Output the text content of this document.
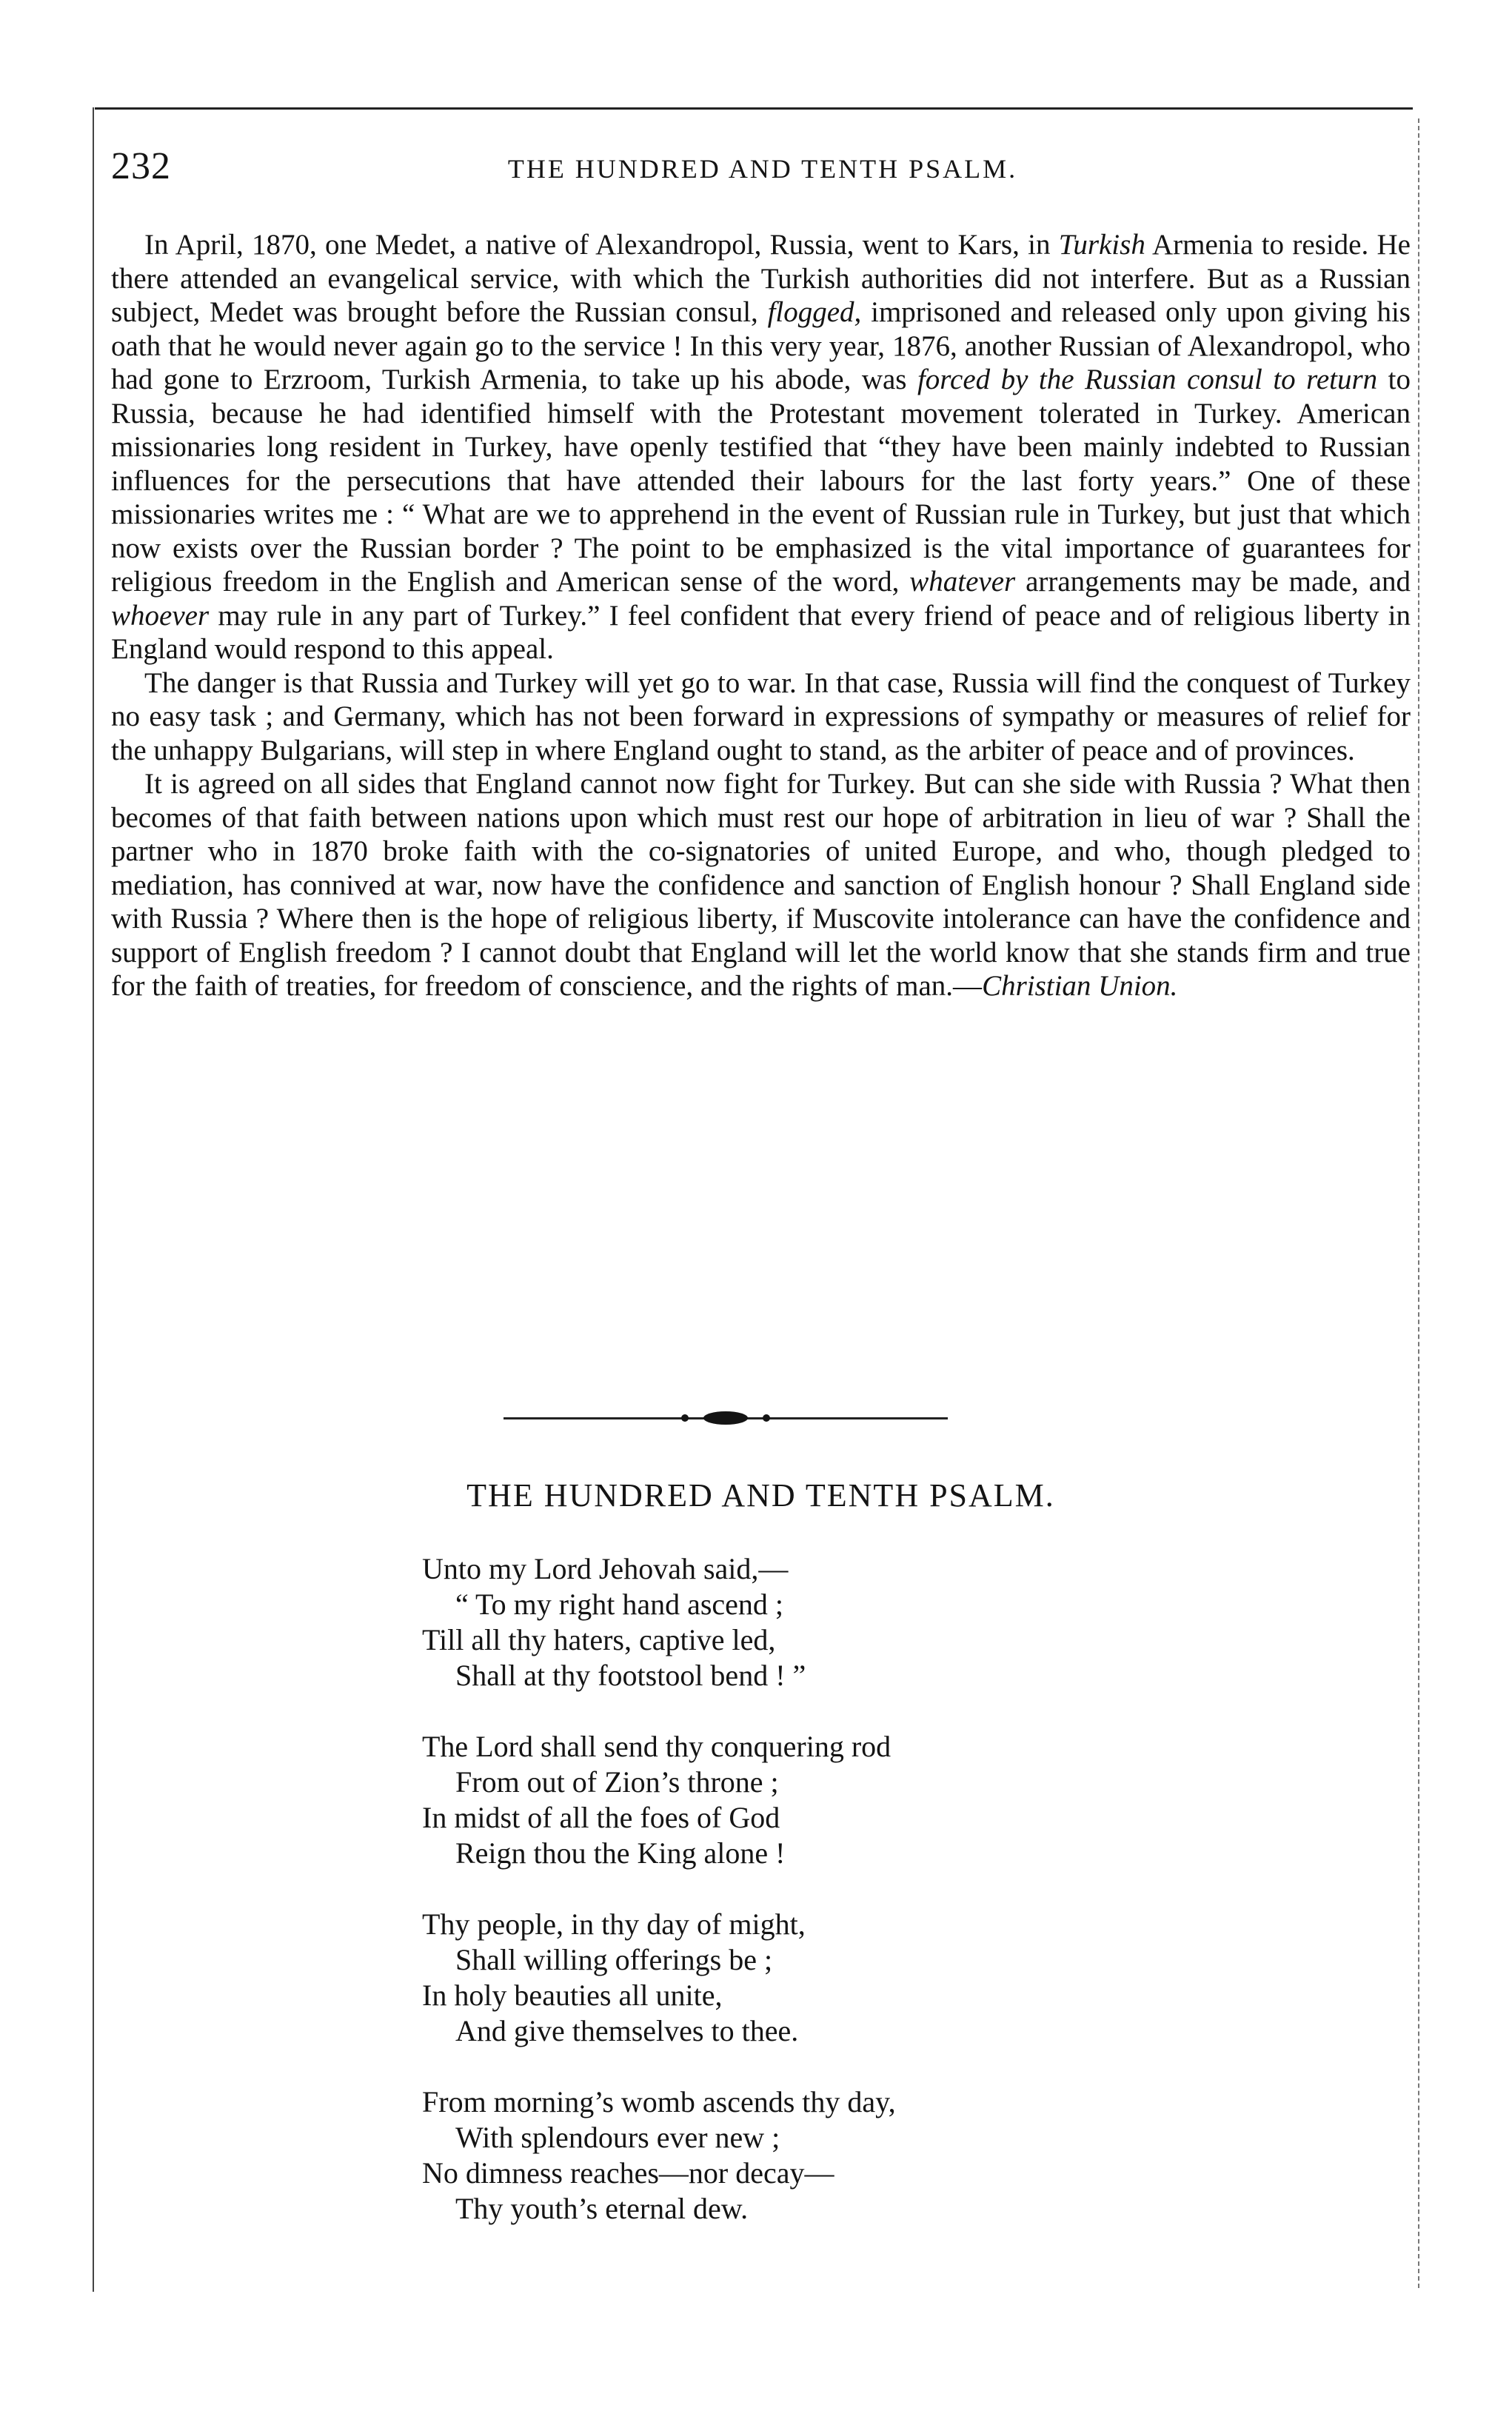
232	THE HUNDRED AND TENTH PSALM.

In April, 1870, one Medet, a native of Alexandropol, Russia, went to Kars, in Turkish Armenia to reside. He there attended an evangelical service, with which the Turkish authorities did not interfere. But as a Russian subject, Medet was brought before the Russian consul, flogged, imprisoned and released only upon giving his oath that he would never again go to the service ! In this very year, 1876, another Russian of Alexandropol, who had gone to Erzroom, Turkish Armenia, to take up his abode, was forced by the Russian consul to return to Russia, because he had identified himself with the Protestant movement tolerated in Turkey. American missionaries long resident in Turkey, have openly testified that “they have been mainly indebted to Russian influences for the persecutions that have attended their labours for the last forty years.” One of these missionaries writes me : “ What are we to apprehend in the event of Russian rule in Turkey, but just that which now exists over the Russian border ? The point to be emphasized is the vital importance of guarantees for religious freedom in the English and American sense of the word, whatever arrangements may be made, and whoever may rule in any part of Turkey.” I feel confident that every friend of peace and of religious liberty in England would respond to this appeal.

The danger is that Russia and Turkey will yet go to war. In that case, Russia will find the conquest of Turkey no easy task ; and Germany, which has not been forward in expressions of sympathy or measures of relief for the unhappy Bulgarians, will step in where England ought to stand, as the arbiter of peace and of provinces.

It is agreed on all sides that England cannot now fight for Turkey. But can she side with Russia ? What then becomes of that faith between nations upon which must rest our hope of arbitration in lieu of war ? Shall the partner who in 1870 broke faith with the co-signatories of united Europe, and who, though pledged to mediation, has connived at war, now have the confidence and sanction of English honour ? Shall England side with Russia ? Where then is the hope of religious liberty, if Muscovite intolerance can have the confidence and support of English freedom ? I cannot doubt that England will let the world know that she stands firm and true for the faith of treaties, for freedom of conscience, and the rights of man.—Christian Union.

THE HUNDRED AND TENTH PSALM.
Unto my Lord Jehovah said,—
“ To my right hand ascend ;
Till all thy haters, captive led,
Shall at thy footstool bend ! ”
The Lord shall send thy conquering rod
From out of Zion’s throne ;
In midst of all the foes of God
Reign thou the King alone !
Thy people, in thy day of might,
Shall willing offerings be ;
In holy beauties all unite,
And give themselves to thee.
From morning’s womb ascends thy day,
With splendours ever new ;
No dimness reaches—nor decay—
Thy youth’s eternal dew.
